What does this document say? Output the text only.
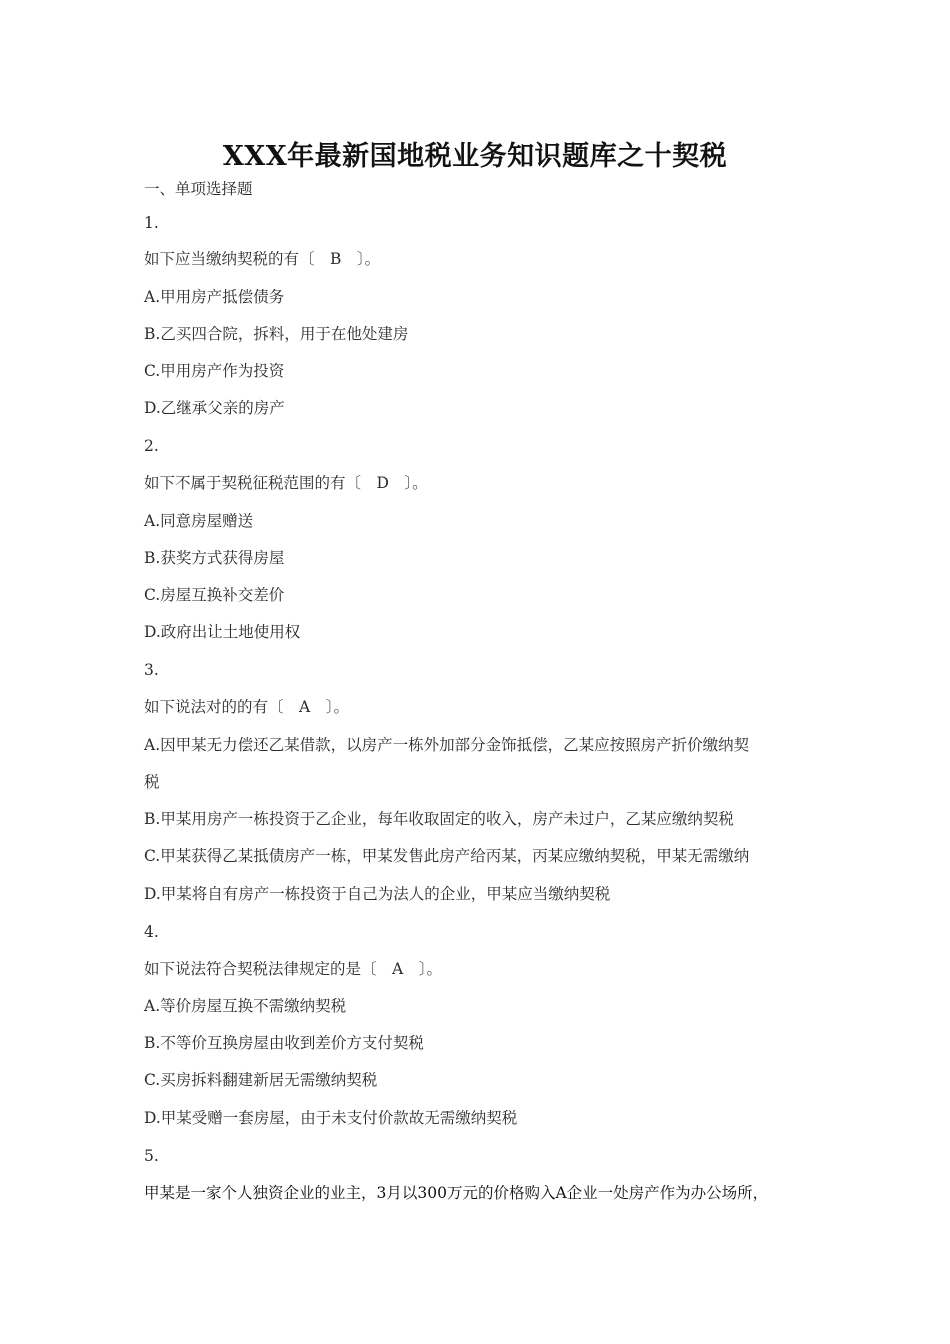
XXX年最新国地税业务知识题库之十契税
一、单项选择题
1.
如下应当缴纳契税的有〔　B　〕。
A.甲用房产抵偿债务
B.乙买四合院，拆料，用于在他处建房
C.甲用房产作为投资
D.乙继承父亲的房产
2.
如下不属于契税征税范围的有〔　D　〕。
A.同意房屋赠送
B.获奖方式获得房屋
C.房屋互换补交差价
D.政府出让土地使用权
3.
如下说法对的的有〔　A　〕。
A.因甲某无力偿还乙某借款，以房产一栋外加部分金饰抵偿，乙某应按照房产折价缴纳契
税
B.甲某用房产一栋投资于乙企业，每年收取固定的收入，房产未过户，乙某应缴纳契税
C.甲某获得乙某抵债房产一栋，甲某发售此房产给丙某，丙某应缴纳契税，甲某无需缴纳
D.甲某将自有房产一栋投资于自己为法人的企业，甲某应当缴纳契税
4.
如下说法符合契税法律规定的是〔　A　〕。
A.等价房屋互换不需缴纳契税
B.不等价互换房屋由收到差价方支付契税
C.买房拆料翻建新居无需缴纳契税
D.甲某受赠一套房屋，由于未支付价款故无需缴纳契税
5.
甲某是一家个人独资企业的业主，3月以300万元的价格购入A企业一处房产作为办公场所，
